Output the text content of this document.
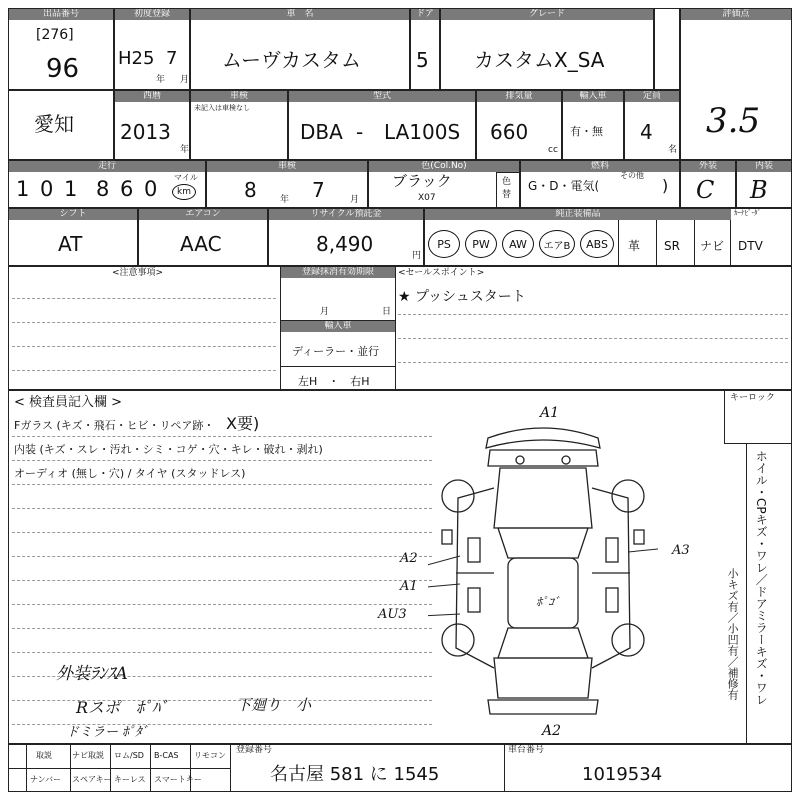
出品番号
[276]
96
初度登録
H25 7
年 月
車　名
ムーヴカスタム
ドア
5
グレード
カスタムX_SA
評価点
3.5
愛知
西暦
2013
年
車検
未記入は車検なし
型式
DBA - LA100S
排気量
660
cc
輸入車
有・無
定員
4
名
走行
1 0 1 8 6 0 マイル
km
車検
8	年 7	月
色(Col.No)
ブラック
X07
色替
燃料
G・D・電気(
その他
)
外装
C
内装
B
シフト
AT
エアコン
AAC
リサイクル預託金
8,490	円
純正装備品	ｶｰﾅﾋﾞ-ﾀﾞ
PS	PW	AW	エアB	ABS	革 SR ナビ DTV
<注意事項>	登録抹消有効期限
月	日
輸入車
ディーラー・並行
左H　・　右H
<セールスポイント>
★ プッシュスタート
< 検査員記入欄 >
Fガラス (キズ・飛石・ヒビ・リペア跡・ X要)
内装 (キズ・スレ・汚れ・シミ・コゲ・穴・キレ・破れ・剥れ)
オーディオ (無し・穴) / タイヤ (スタッドレス)
外装ﾗﾝｽA
Rスポ　ﾎﾟﾊﾞ
ドミラー ﾎﾟﾀﾞ
下廻り　小
キーロック
ホイル・CPキズ・ワレ／ドアミラーキズ・ワレ
小キズ有／小凹有／補修有
A1
A2
A2
A1
AU3
A3
ﾎﾟｺﾞ
取説	ナビ取説 ロム/SD B-CAS リモコン
ナンバー スペアキー キーレス スマートキー
登録番号
名古屋 581 に 1545
車台番号
1019534
